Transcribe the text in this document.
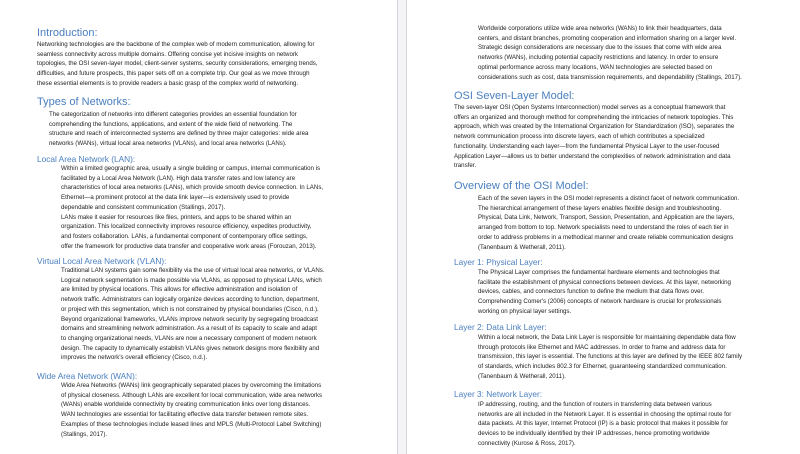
Introduction:

Networking technologies are the backbone of the complex web of modern communication, allowing for
seamless connectivity across multiple domains. Offering concise yet incisive insights on network
topologies, the OSI seven-layer model, client-server systems, security considerations, emerging trends,
difficulties, and future prospects, this paper sets off on a complete trip. Our goal as we move through
these essential elements is to provide readers a basic grasp of the complex world of networking.

Types of Networks:

The categorization of networks into different categories provides an essential foundation for
comprehending the functions, applications, and extent of the wide field of networking. The
structure and reach of interconnected systems are defined by three major categories: wide area
networks (WANs), virtual local area networks (VLANs), and local area networks (LANs).

Local Area Network (LAN):

Within a limited geographic area, usually a single building or campus, internal communication is
facilitated by a Local Area Network (LAN). High data transfer rates and low latency are
characteristics of local area networks (LANs), which provide smooth device connection. In LANs,
Ethernet—a prominent protocol at the data link layer—is extensively used to provide
dependable and consistent communication (Stallings, 2017).
LANs make it easier for resources like files, printers, and apps to be shared within an
organization. This localized connectivity improves resource efficiency, expedites productivity,
and fosters collaboration. LANs, a fundamental component of contemporary office settings,
offer the framework for productive data transfer and cooperative work areas (Forouzan, 2013).

Virtual Local Area Network (VLAN):

Traditional LAN systems gain some flexibility via the use of virtual local area networks, or VLANs.
Logical network segmentation is made possible via VLANs, as opposed to physical LANs, which
are limited by physical locations. This allows for effective administration and isolation of
network traffic. Administrators can logically organize devices according to function, department,
or project with this segmentation, which is not constrained by physical boundaries (Cisco, n.d.).
Beyond organizational frameworks, VLANs improve network security by segregating broadcast
domains and streamlining network administration. As a result of its capacity to scale and adapt
to changing organizational needs, VLANs are now a necessary component of modern network
design. The capacity to dynamically establish VLANs gives network designs more flexibility and
improves the network's overall efficiency (Cisco, n.d.).

Wide Area Network (WAN):

Wide Area Networks (WANs) link geographically separated places by overcoming the limitations
of physical closeness. Although LANs are excellent for local communication, wide area networks
(WANs) enable worldwide connectivity by creating communication links over long distances.
WAN technologies are essential for facilitating effective data transfer between remote sites.
Examples of these technologies include leased lines and MPLS (Multi-Protocol Label Switching)
(Stallings, 2017).

Worldwide corporations utilize wide area networks (WANs) to link their headquarters, data
centers, and distant branches, promoting cooperation and information sharing on a larger level.
Strategic design considerations are necessary due to the issues that come with wide area
networks (WANs), including potential capacity restrictions and latency. In order to ensure
optimal performance across many locations, WAN technologies are selected based on
considerations such as cost, data transmission requirements, and dependability (Stallings, 2017).

OSI Seven-Layer Model:

The seven-layer OSI (Open Systems Interconnection) model serves as a conceptual framework that
offers an organized and thorough method for comprehending the intricacies of network topologies. This
approach, which was created by the International Organization for Standardization (ISO), separates the
network communication process into discrete layers, each of which contributes a specialized
functionality. Understanding each layer—from the fundamental Physical Layer to the user-focused
Application Layer—allows us to better understand the complexities of network administration and data
transfer.

Overview of the OSI Model:

Each of the seven layers in the OSI model represents a distinct facet of network communication.
The hierarchical arrangement of these layers enables flexible design and troubleshooting.
Physical, Data Link, Network, Transport, Session, Presentation, and Application are the layers,
arranged from bottom to top. Network specialists need to understand the roles of each tier in
order to address problems in a methodical manner and create reliable communication designs
(Tanenbaum & Wetherall, 2011).

Layer 1: Physical Layer:

The Physical Layer comprises the fundamental hardware elements and technologies that
facilitate the establishment of physical connections between devices. At this layer, networking
devices, cables, and connectors function to define the medium that data flows over.
Comprehending Comer's (2006) concepts of network hardware is crucial for professionals
working on physical layer settings.

Layer 2: Data Link Layer:

Within a local network, the Data Link Layer is responsible for maintaining dependable data flow
through protocols like Ethernet and MAC addresses. In order to frame and address data for
transmission, this layer is essential. The functions at this layer are defined by the IEEE 802 family
of standards, which includes 802.3 for Ethernet, guaranteeing standardized communication.
(Tanenbaum & Wetherall, 2011).

Layer 3: Network Layer:

IP addressing, routing, and the function of routers in transferring data between various
networks are all included in the Network Layer. It is essential in choosing the optimal route for
data packets. At this layer, Internet Protocol (IP) is a basic protocol that makes it possible for
devices to be individually identified by their IP addresses, hence promoting worldwide
connectivity (Kurose & Ross, 2017).
